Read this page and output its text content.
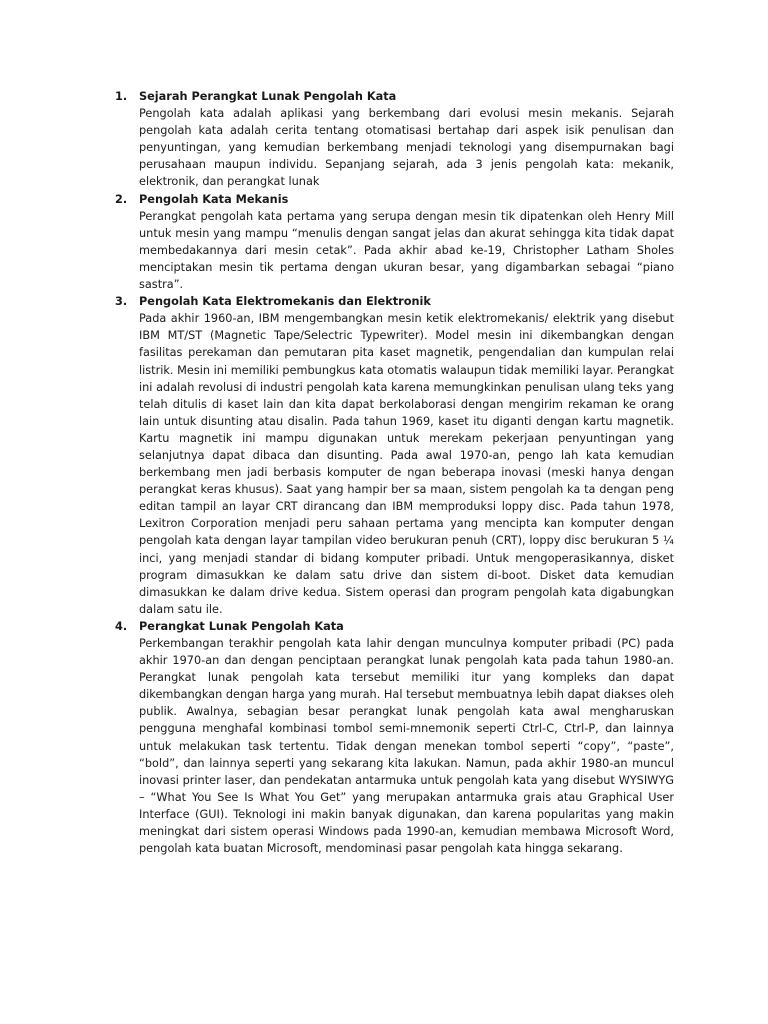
1. Sejarah Perangkat Lunak Pengolah Kata

Pengolah kata adalah aplikasi yang berkembang dari evolusi mesin mekanis. Sejarah pengolah kata adalah cerita tentang otomatisasi bertahap dari aspek isik penulisan dan penyuntingan, yang kemudian berkembang menjadi teknologi yang disempurnakan bagi perusahaan maupun individu. Sepanjang sejarah, ada 3 jenis pengolah kata: mekanik, elektronik, dan perangkat lunak

2. Pengolah Kata Mekanis

Perangkat pengolah kata pertama yang serupa dengan mesin tik dipatenkan oleh Henry Mill untuk mesin yang mampu “menulis dengan sangat jelas dan akurat sehingga kita tidak dapat membedakannya dari mesin cetak”. Pada akhir abad ke-19, Christopher Latham Sholes menciptakan mesin tik pertama dengan ukuran besar, yang digambarkan sebagai “piano sastra”.

3. Pengolah Kata Elektromekanis dan Elektronik

Pada akhir 1960-an, IBM mengembangkan mesin ketik elektromekanis/ elektrik yang disebut IBM MT/ST (Magnetic Tape/Selectric Typewriter). Model mesin ini dikembangkan dengan fasilitas perekaman dan pemutaran pita kaset magnetik, pengendalian dan kumpulan relai listrik. Mesin ini memiliki pembungkus kata otomatis walaupun tidak memiliki layar. Perangkat ini adalah revolusi di industri pengolah kata karena memungkinkan penulisan ulang teks yang telah ditulis di kaset lain dan kita dapat berkolaborasi dengan mengirim rekaman ke orang lain untuk disunting atau disalin. Pada tahun 1969, kaset itu diganti dengan kartu magnetik. Kartu magnetik ini mampu digunakan untuk merekam pekerjaan penyuntingan yang selanjutnya dapat dibaca dan disunting. Pada awal 1970-an, pengo lah kata kemudian berkembang men jadi berbasis komputer de ngan beberapa inovasi (meski hanya dengan perangkat keras khusus). Saat yang hampir ber sa maan, sistem pengolah ka ta dengan peng editan tampil an layar CRT dirancang dan IBM memproduksi loppy disc. Pada tahun 1978, Lexitron Corporation menjadi peru sahaan pertama yang mencipta kan komputer dengan pengolah kata dengan layar tampilan video berukuran penuh (CRT), loppy disc berukuran 5 ¼ inci, yang menjadi standar di bidang komputer pribadi. Untuk mengoperasikannya, disket program dimasukkan ke dalam satu drive dan sistem di-boot. Disket data kemudian dimasukkan ke dalam drive kedua. Sistem operasi dan program pengolah kata digabungkan dalam satu ile.

4. Perangkat Lunak Pengolah Kata

Perkembangan terakhir pengolah kata lahir dengan munculnya komputer pribadi (PC) pada akhir 1970-an dan dengan penciptaan perangkat lunak pengolah kata pada tahun 1980-an. Perangkat lunak pengolah kata tersebut memiliki itur yang kompleks dan dapat dikembangkan dengan harga yang murah. Hal tersebut membuatnya lebih dapat diakses oleh publik. Awalnya, sebagian besar perangkat lunak pengolah kata awal mengharuskan pengguna menghafal kombinasi tombol semi-mnemonik seperti Ctrl-C, Ctrl-P, dan lainnya untuk melakukan task tertentu. Tidak dengan menekan tombol seperti “copy”, “paste”, “bold”, dan lainnya seperti yang sekarang kita lakukan. Namun, pada akhir 1980-an muncul inovasi printer laser, dan pendekatan antarmuka untuk pengolah kata yang disebut WYSIWYG – “What You See Is What You Get” yang merupakan antarmuka grais atau Graphical User Interface (GUI). Teknologi ini makin banyak digunakan, dan karena popularitas yang makin meningkat dari sistem operasi Windows pada 1990-an, kemudian membawa Microsoft Word, pengolah kata buatan Microsoft, mendominasi pasar pengolah kata hingga sekarang.
